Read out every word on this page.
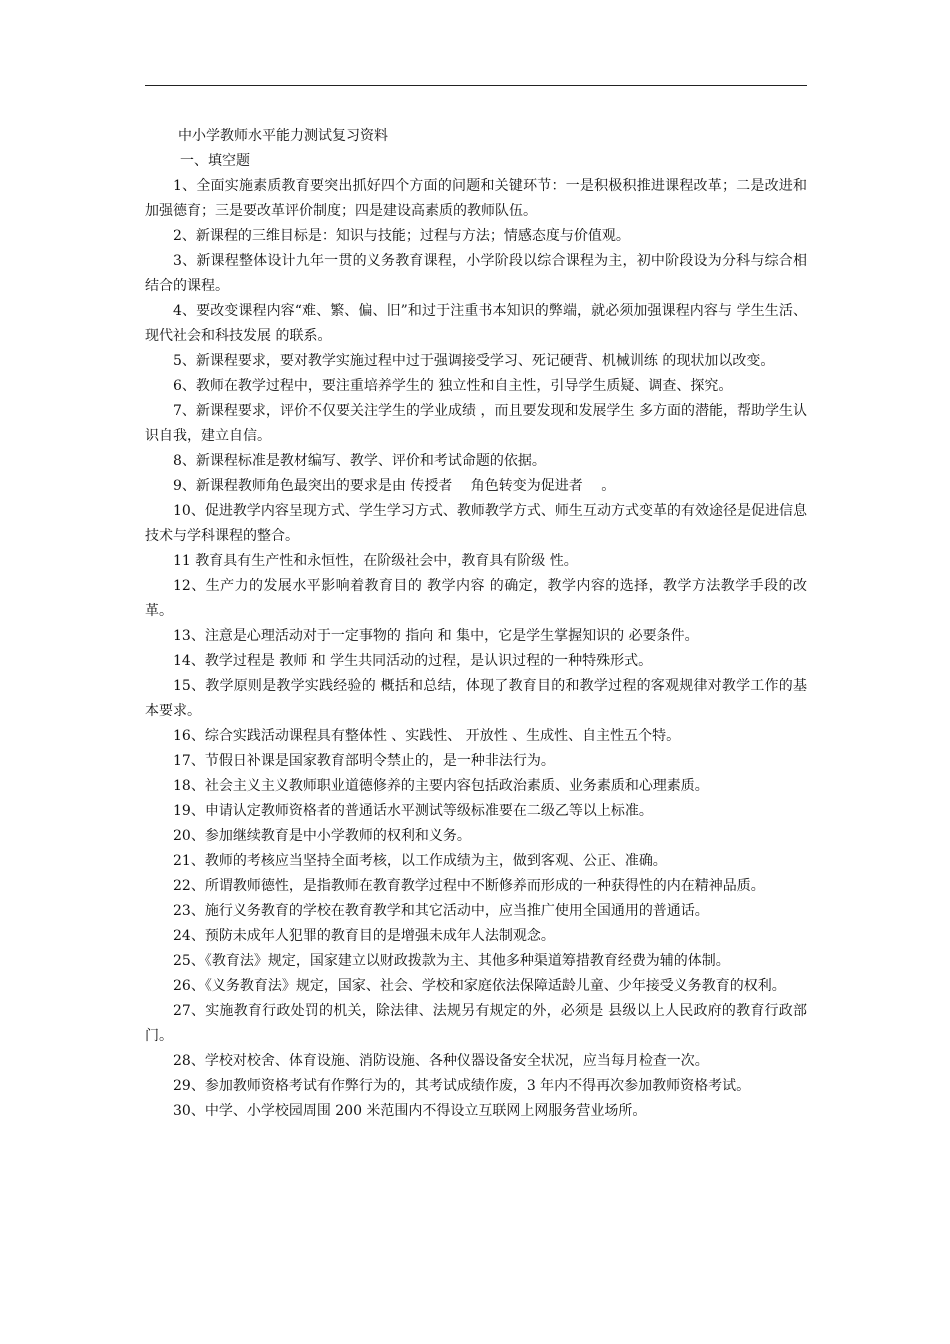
中小学教师水平能力测试复习资料

一、填空题

1、全面实施素质教育要突出抓好四个方面的问题和关键环节：一是积极积推进课程改革；二是改进和加强德育；三是要改革评价制度；四是建设高素质的教师队伍。

2、新课程的三维目标是：知识与技能；过程与方法；情感态度与价值观。

3、新课程整体设计九年一贯的义务教育课程，小学阶段以综合课程为主，初中阶段设为分科与综合相结合的课程。

4、要改变课程内容“难、繁、偏、旧”和过于注重书本知识的弊端，就必须加强课程内容与 学生生活、现代社会和科技发展 的联系。

5、新课程要求，要对教学实施过程中过于强调接受学习、死记硬背、机械训练 的现状加以改变。

6、教师在教学过程中，要注重培养学生的 独立性和自主性，引导学生质疑、调查、探究。

7、新课程要求，评价不仅要关注学生的学业成绩 ，而且要发现和发展学生 多方面的潜能，帮助学生认识自我，建立自信。

8、新课程标准是教材编写、教学、评价和考试命题的依据。

9、新课程教师角色最突出的要求是由 传授者　 角色转变为促进者　 。

10、促进教学内容呈现方式、学生学习方式、教师教学方式、师生互动方式变革的有效途径是促进信息技术与学科课程的整合。

11 教育具有生产性和永恒性，在阶级社会中，教育具有阶级 性。

12、生产力的发展水平影响着教育目的 教学内容 的确定，教学内容的选择，教学方法教学手段的改革。

13、注意是心理活动对于一定事物的 指向 和 集中，它是学生掌握知识的 必要条件。

14、教学过程是 教师 和 学生共同活动的过程，是认识过程的一种特殊形式。

15、教学原则是教学实践经验的 概括和总结，体现了教育目的和教学过程的客观规律对教学工作的基本要求。

16、综合实践活动课程具有整体性 、实践性、 开放性 、生成性、自主性五个特。

17、节假日补课是国家教育部明令禁止的，是一种非法行为。

18、社会主义主义教师职业道德修养的主要内容包括政治素质、业务素质和心理素质。

19、申请认定教师资格者的普通话水平测试等级标准要在二级乙等以上标准。

20、参加继续教育是中小学教师的权利和义务。

21、教师的考核应当坚持全面考核，以工作成绩为主，做到客观、公正、准确。

22、所谓教师德性，是指教师在教育教学过程中不断修养而形成的一种获得性的内在精神品质。

23、施行义务教育的学校在教育教学和其它活动中，应当推广使用全国通用的普通话。

24、预防未成年人犯罪的教育目的是增强未成年人法制观念。

25、《教育法》规定，国家建立以财政拨款为主、其他多种渠道筹措教育经费为辅的体制。

26、《义务教育法》规定，国家、社会、学校和家庭依法保障适龄儿童、少年接受义务教育的权利。

27、实施教育行政处罚的机关，除法律、法规另有规定的外，必须是 县级以上人民政府的教育行政部门。

28、学校对校舍、体育设施、消防设施、各种仪器设备安全状况，应当每月检查一次。

29、参加教师资格考试有作弊行为的，其考试成绩作废，3 年内不得再次参加教师资格考试。

30、中学、小学校园周围 200 米范围内不得设立互联网上网服务营业场所。
